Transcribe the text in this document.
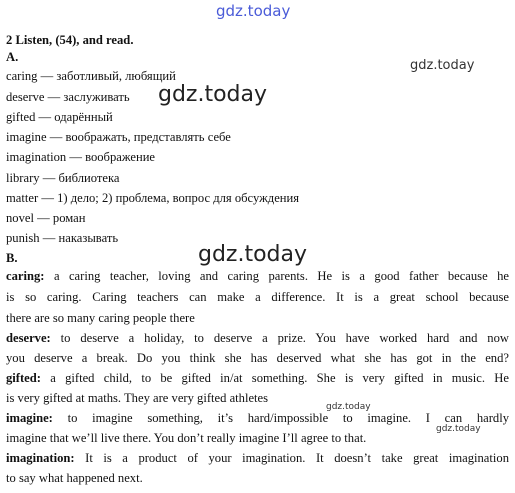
gdz.today
2 Listen, (54), and read.
A.
caring — заботливый, любящий
deserve — заслуживать
gifted — одарённый
imagine — воображать, представлять себе
imagination — воображение
library — библиотека
matter — 1) дело; 2) проблема, вопрос для обсуждения
novel — роман
punish — наказывать
B.
caring: a caring teacher, loving and caring parents. He is a good father because he
is so caring. Caring teachers can make a difference. It is a great school because
there are so many caring people there
deserve: to deserve a holiday, to deserve a prize. You have worked hard and now
you deserve a break. Do you think she has deserved what she has got in the end?
gifted: a gifted child, to be gifted in/at something. She is very gifted in music. He
is very gifted at maths. They are very gifted athletes
imagine: to imagine something, it’s hard/impossible to imagine. I can hardly
imagine that we’ll live there. You don’t really imagine I’ll agree to that.
imagination: It is a product of your imagination. It doesn’t take great imagination
to say what happened next.
gdz.today
gdz.today
gdz.today
gdz.today
gdz.today
